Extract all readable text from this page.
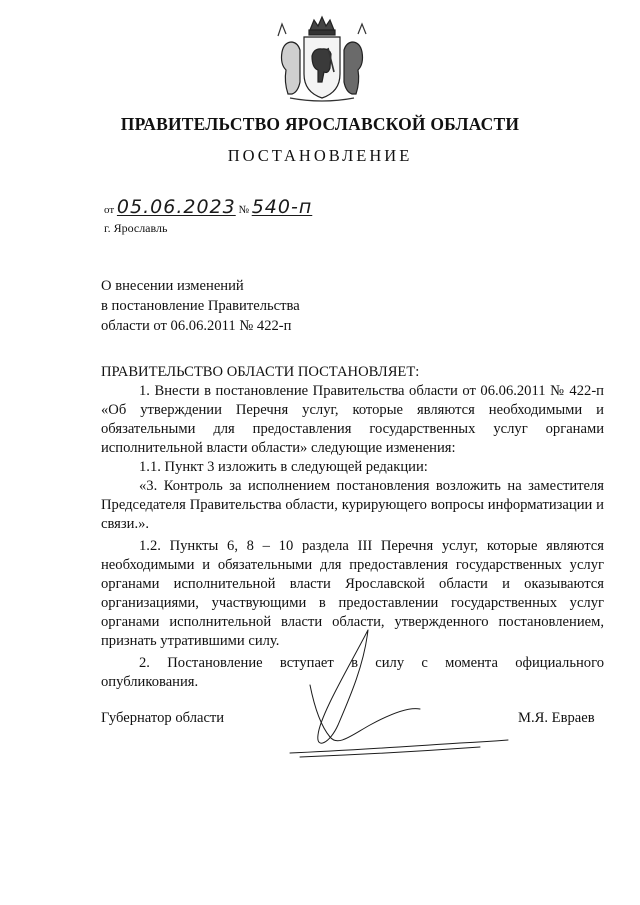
ПРАВИТЕЛЬСТВО ЯРОСЛАВСКОЙ ОБЛАСТИ
ПОСТАНОВЛЕНИЕ
от 05.06.2023 № 540-п
г. Ярославль
О внесении изменений
в постановление Правительства
области от 06.06.2011 № 422-п

ПРАВИТЕЛЬСТВО ОБЛАСТИ ПОСТАНОВЛЯЕТ:

1. Внести в постановление Правительства области от 06.06.2011 № 422-п «Об утверждении Перечня услуг, которые являются необходимыми и обязательными для предоставления государственных услуг органами исполнительной власти области» следующие изменения:

1.1. Пункт 3 изложить в следующей редакции:

«3. Контроль за исполнением постановления возложить на заместителя Председателя Правительства области, курирующего вопросы информатизации и связи.».

1.2. Пункты 6, 8 – 10 раздела III Перечня услуг, которые являются необходимыми и обязательными для предоставления государственных услуг органами исполнительной власти Ярославской области и оказываются организациями, участвующими в предоставлении государственных услуг органами исполнительной власти области, утвержденного постановлением, признать утратившими силу.

2. Постановление вступает в силу с момента официального опубликования.

Губернатор области	М.Я. Евраев
